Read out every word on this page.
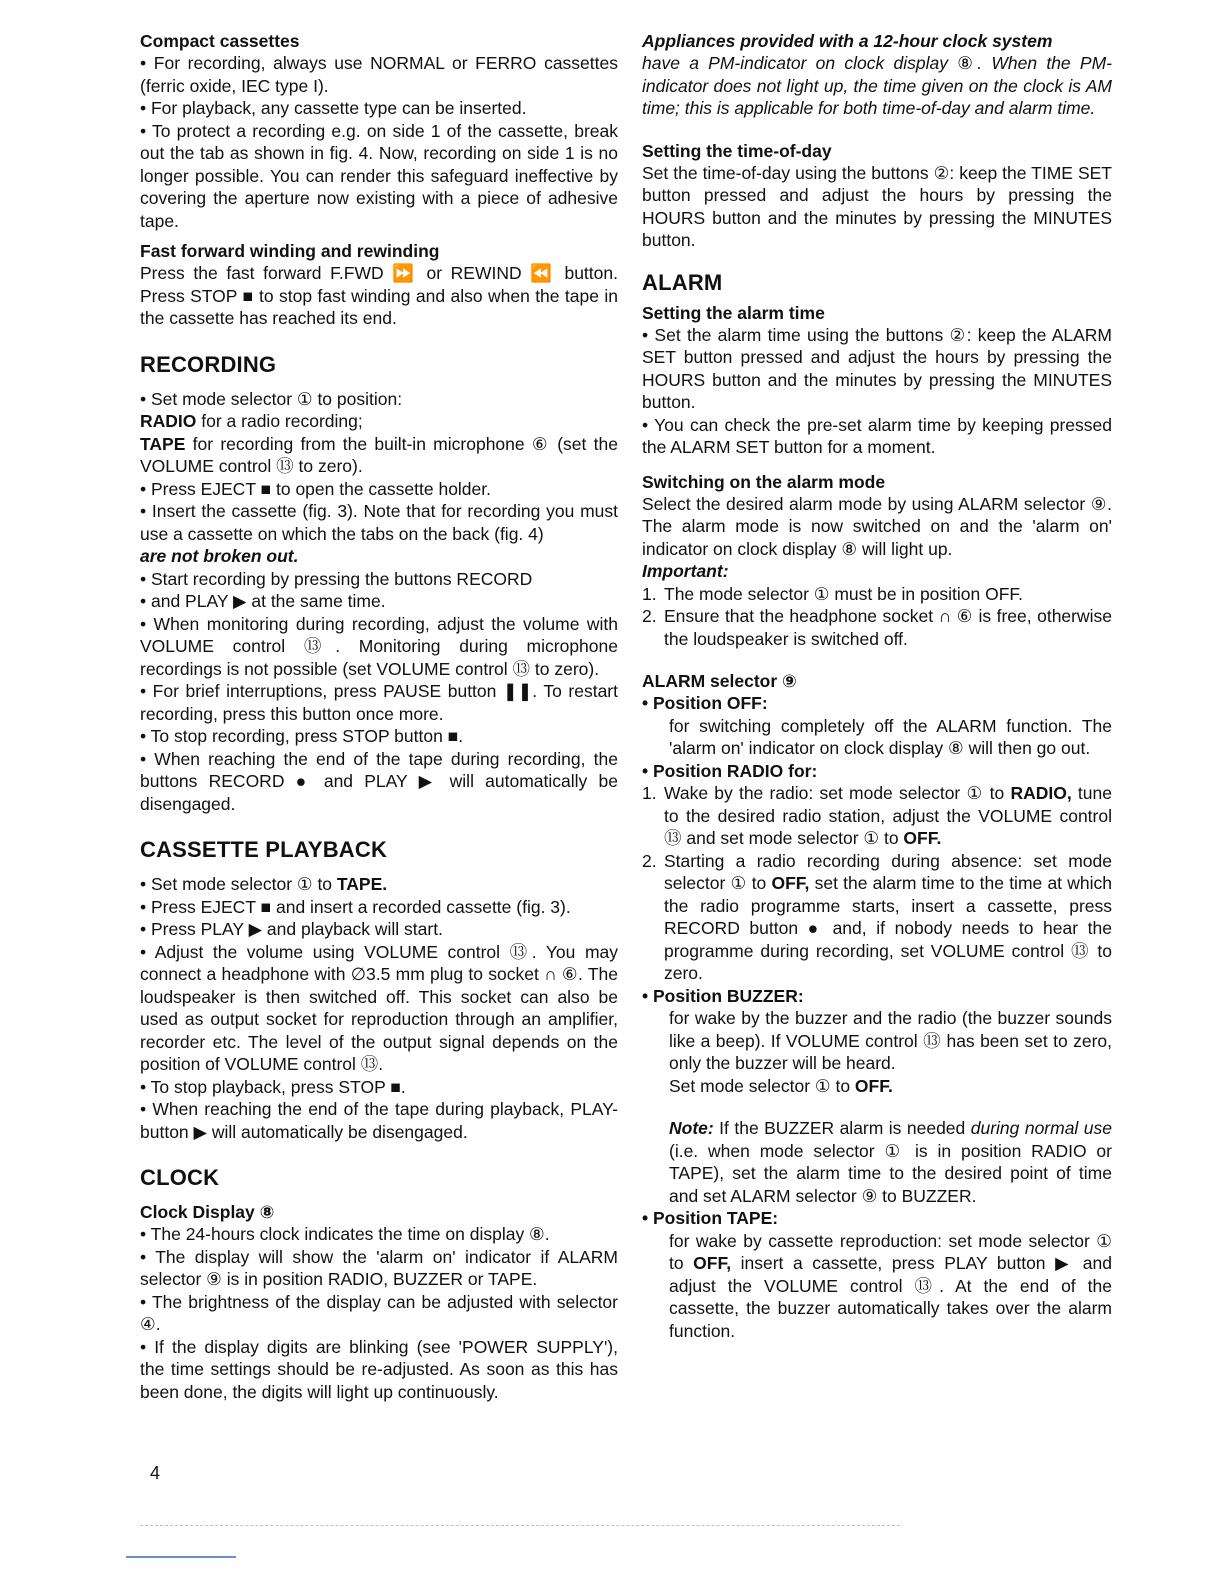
Compact cassettes

• For recording, always use NORMAL or FERRO cassettes (ferric oxide, IEC type I).

• For playback, any cassette type can be inserted.

• To protect a recording e.g. on side 1 of the cassette, break out the tab as shown in fig. 4. Now, recording on side 1 is no longer possible. You can render this safeguard ineffective by covering the aperture now existing with a piece of adhesive tape.

Fast forward winding and rewinding

Press the fast forward F.FWD ⏩ or REWIND ⏪ button. Press STOP ■ to stop fast winding and also when the tape in the cassette has reached its end.

RECORDING

• Set mode selector ① to position:

RADIO for a radio recording;

TAPE for recording from the built-in microphone ⑥ (set the VOLUME control ⑬ to zero).

• Press EJECT ■ to open the cassette holder.

• Insert the cassette (fig. 3). Note that for recording you must use a cassette on which the tabs on the back (fig. 4)

are not broken out.

• Start recording by pressing the buttons RECORD

• and PLAY ▶ at the same time.

• When monitoring during recording, adjust the volume with VOLUME control ⑬. Monitoring during microphone recordings is not possible (set VOLUME control ⑬ to zero).

• For brief interruptions, press PAUSE button ❚❚. To restart recording, press this button once more.

• To stop recording, press STOP button ■.

• When reaching the end of the tape during recording, the buttons RECORD ● and PLAY ▶ will automatically be disengaged.

CASSETTE PLAYBACK

• Set mode selector ① to TAPE.

• Press EJECT ■ and insert a recorded cassette (fig. 3).

• Press PLAY ▶ and playback will start.

• Adjust the volume using VOLUME control ⑬. You may connect a headphone with ∅3.5 mm plug to socket ∩ ⑥. The loudspeaker is then switched off. This socket can also be used as output socket for reproduction through an amplifier, recorder etc. The level of the output signal depends on the position of VOLUME control ⑬.

• To stop playback, press STOP ■.

• When reaching the end of the tape during playback, PLAY-button ▶ will automatically be disengaged.

CLOCK
Clock Display ⑧

• The 24-hours clock indicates the time on display ⑧.

• The display will show the 'alarm on' indicator if ALARM selector ⑨ is in position RADIO, BUZZER or TAPE.

• The brightness of the display can be adjusted with selector ④.

• If the display digits are blinking (see 'POWER SUPPLY'), the time settings should be re-adjusted. As soon as this has been done, the digits will light up continuously.

Appliances provided with a 12-hour clock system

have a PM-indicator on clock display ⑧. When the PM-indicator does not light up, the time given on the clock is AM time; this is applicable for both time-of-day and alarm time.

Setting the time-of-day

Set the time-of-day using the buttons ②: keep the TIME SET button pressed and adjust the hours by pressing the HOURS button and the minutes by pressing the MINUTES button.

ALARM
Setting the alarm time

• Set the alarm time using the buttons ②: keep the ALARM SET button pressed and adjust the hours by pressing the HOURS button and the minutes by pressing the MINUTES button.

• You can check the pre-set alarm time by keeping pressed the ALARM SET button for a moment.

Switching on the alarm mode

Select the desired alarm mode by using ALARM selector ⑨. The alarm mode is now switched on and the 'alarm on' indicator on clock display ⑧ will light up.

Important:

1. The mode selector ① must be in position OFF.
2. Ensure that the headphone socket ∩ ⑥ is free, otherwise the loudspeaker is switched off.
ALARM selector ⑨

• Position OFF:

for switching completely off the ALARM function. The 'alarm on' indicator on clock display ⑧ will then go out.

• Position RADIO for:

1. Wake by the radio: set mode selector ① to RADIO, tune to the desired radio station, adjust the VOLUME control ⑬ and set mode selector ① to OFF.
2. Starting a radio recording during absence: set mode selector ① to OFF, set the alarm time to the time at which the radio programme starts, insert a cassette, press RECORD button ● and, if nobody needs to hear the programme during recording, set VOLUME control ⑬ to zero.

• Position BUZZER:

for wake by the buzzer and the radio (the buzzer sounds like a beep). If VOLUME control ⑬ has been set to zero, only the buzzer will be heard.

Set mode selector ① to OFF.

Note: If the BUZZER alarm is needed during normal use (i.e. when mode selector ① is in position RADIO or TAPE), set the alarm time to the desired point of time and set ALARM selector ⑨ to BUZZER.

• Position TAPE:

for wake by cassette reproduction: set mode selector ① to OFF, insert a cassette, press PLAY button ▶ and adjust the VOLUME control ⑬. At the end of the cassette, the buzzer automatically takes over the alarm function.

4
